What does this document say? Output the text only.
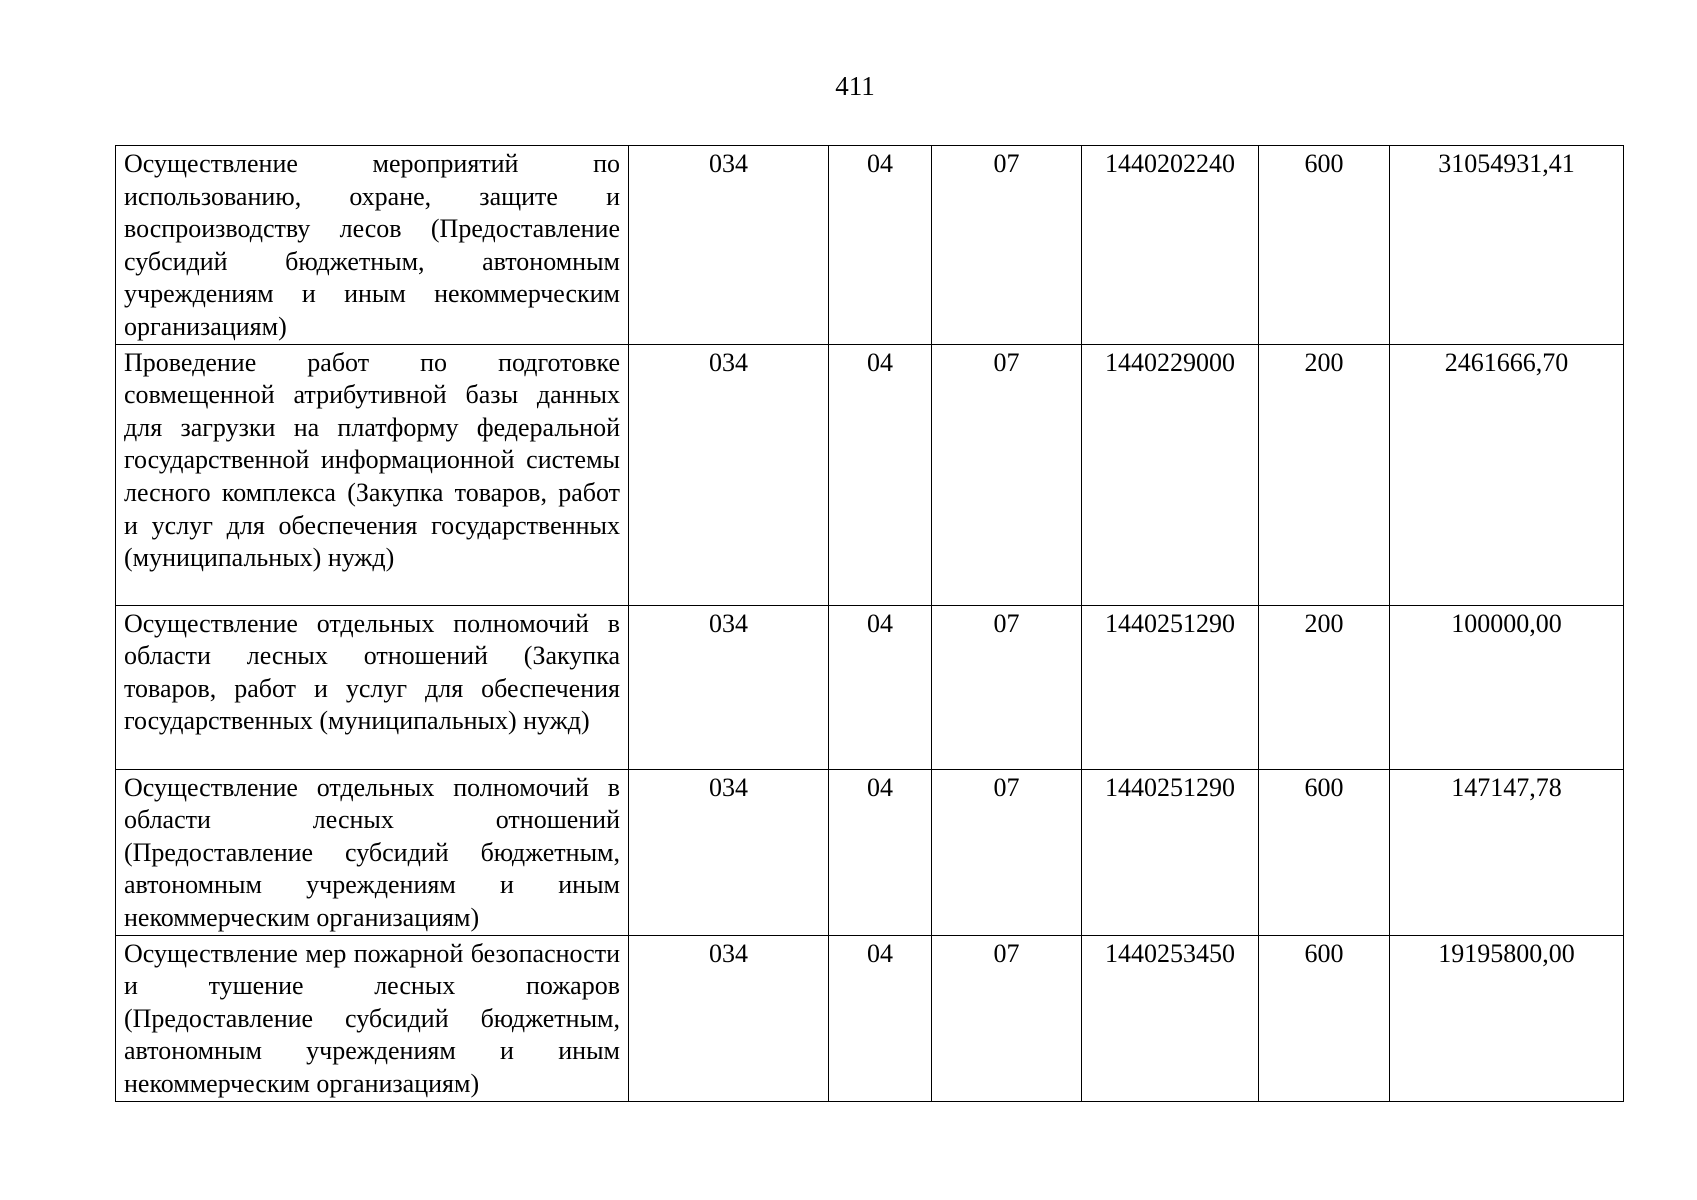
411
Осуществление мероприятий по использованию, охране, защите и воспроизводству лесов (Предоставление субсидий бюджетным, автономным учреждениям и иным некоммерческим организациям)	034	04	07	1440202240	600	31054931,41
Проведение работ по подготовке совмещенной атрибутивной базы данных для загрузки на платформу федеральной государственной информационной системы лесного комплекса (Закупка товаров, работ и услуг для обеспечения государственных (муниципальных) нужд)	034	04	07	1440229000	200	2461666,70
Осуществление отдельных полномочий в области лесных отношений (Закупка товаров, работ и услуг для обеспечения государственных (муниципальных) нужд)	034	04	07	1440251290	200	100000,00
Осуществление отдельных полномочий в области лесных отношений (Предоставление субсидий бюджетным, автономным учреждениям и иным некоммерческим организациям)	034	04	07	1440251290	600	147147,78
Осуществление мер пожарной безопасности и тушение лесных пожаров (Предоставление субсидий бюджетным, автономным учреждениям и иным некоммерческим организациям)	034	04	07	1440253450	600	19195800,00
